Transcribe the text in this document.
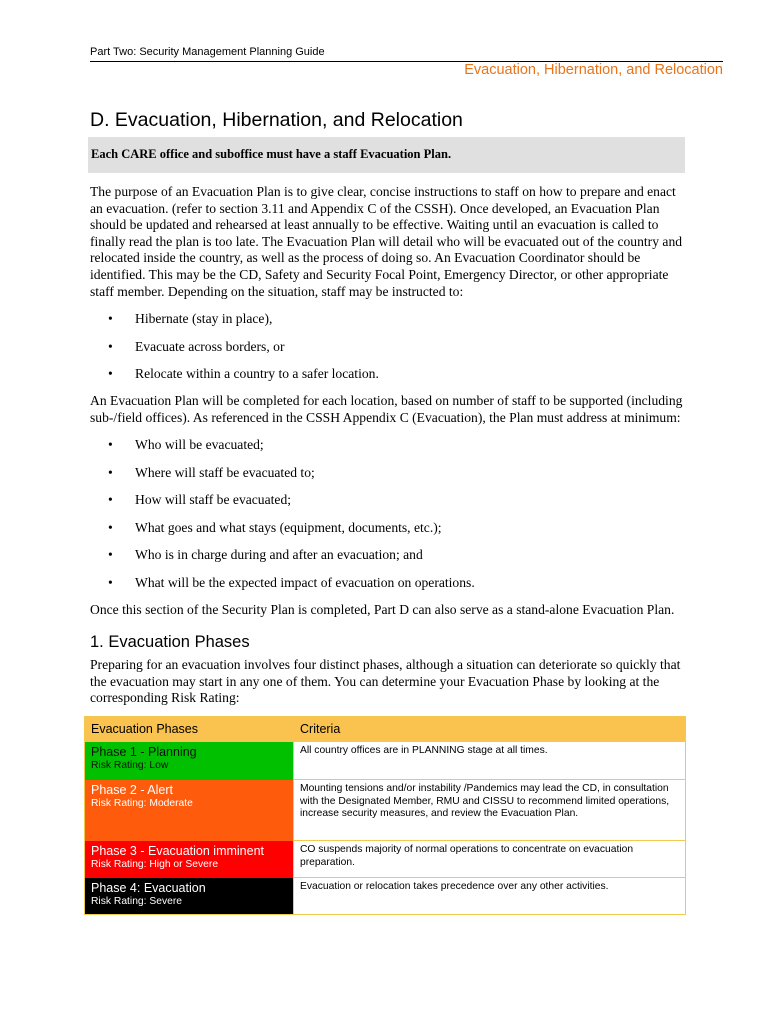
Part Two: Security Management Planning Guide
Evacuation, Hibernation, and Relocation
D. Evacuation, Hibernation, and Relocation
Each CARE office and suboffice must have a staff Evacuation Plan.

The purpose of an Evacuation Plan is to give clear, concise instructions to staff on how to prepare and enact an evacuation. (refer to section 3.11 and Appendix C of the CSSH). Once developed, an Evacuation Plan should be updated and rehearsed at least annually to be effective. Waiting until an evacuation is called to finally read the plan is too late. The Evacuation Plan will detail who will be evacuated out of the country and relocated inside the country, as well as the process of doing so. An Evacuation Coordinator should be identified. This may be the CD, Safety and Security Focal Point, Emergency Director, or other appropriate staff member. Depending on the situation, staff may be instructed to:

• Hibernate (stay in place),
• Evacuate across borders, or
• Relocate within a country to a safer location.

An Evacuation Plan will be completed for each location, based on number of staff to be supported (including sub-/field offices). As referenced in the CSSH Appendix C (Evacuation), the Plan must address at minimum:

• Who will be evacuated;
• Where will staff be evacuated to;
• How will staff be evacuated;
• What goes and what stays (equipment, documents, etc.);
• Who is in charge during and after an evacuation; and
• What will be the expected impact of evacuation on operations.

Once this section of the Security Plan is completed, Part D can also serve as a stand-alone Evacuation Plan.

1. Evacuation Phases

Preparing for an evacuation involves four distinct phases, although a situation can deteriorate so quickly that the evacuation may start in any one of them. You can determine your Evacuation Phase by looking at the corresponding Risk Rating:

Evacuation Phases	Criteria

Phase 1 - Planning
Risk Rating: Low	All country offices are in PLANNING stage at all times.

Phase 2 - Alert
Risk Rating: Moderate	Mounting tensions and/or instability /Pandemics may lead the CD, in consultation with the Designated Member, RMU and CISSU to recommend limited operations, increase security measures, and review the Evacuation Plan.

Phase 3 - Evacuation imminent
Risk Rating: High or Severe	CO suspends majority of normal operations to concentrate on evacuation preparation.

Phase 4: Evacuation
Risk Rating: Severe	Evacuation or relocation takes precedence over any other activities.
